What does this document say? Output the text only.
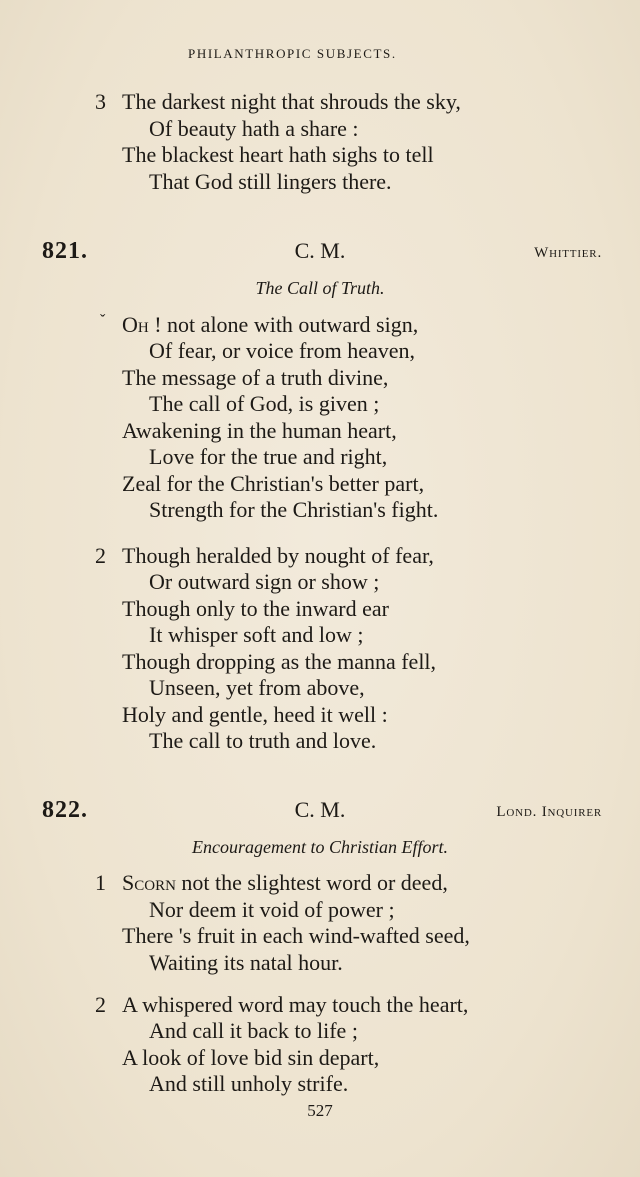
PHILANTHROPIC SUBJECTS.
3 The darkest night that shrouds the sky,
Of beauty hath a share :
The blackest heart hath sighs to tell
That God still lingers there.
821.	C. M.	Whittier.
The Call of Truth.
ˇ Oh ! not alone with outward sign,
Of fear, or voice from heaven,
The message of a truth divine,
The call of God, is given ;
Awakening in the human heart,
Love for the true and right,
Zeal for the Christian's better part,
Strength for the Christian's fight.
2 Though heralded by nought of fear,
Or outward sign or show ;
Though only to the inward ear
It whisper soft and low ;
Though dropping as the manna fell,
Unseen, yet from above,
Holy and gentle, heed it well :
The call to truth and love.
822.	C. M.	Lond. Inquirer
Encouragement to Christian Effort.
1 Scorn not the slightest word or deed,
Nor deem it void of power ;
There 's fruit in each wind-wafted seed,
Waiting its natal hour.
2 A whispered word may touch the heart,
And call it back to life ;
A look of love bid sin depart,
And still unholy strife.
527
